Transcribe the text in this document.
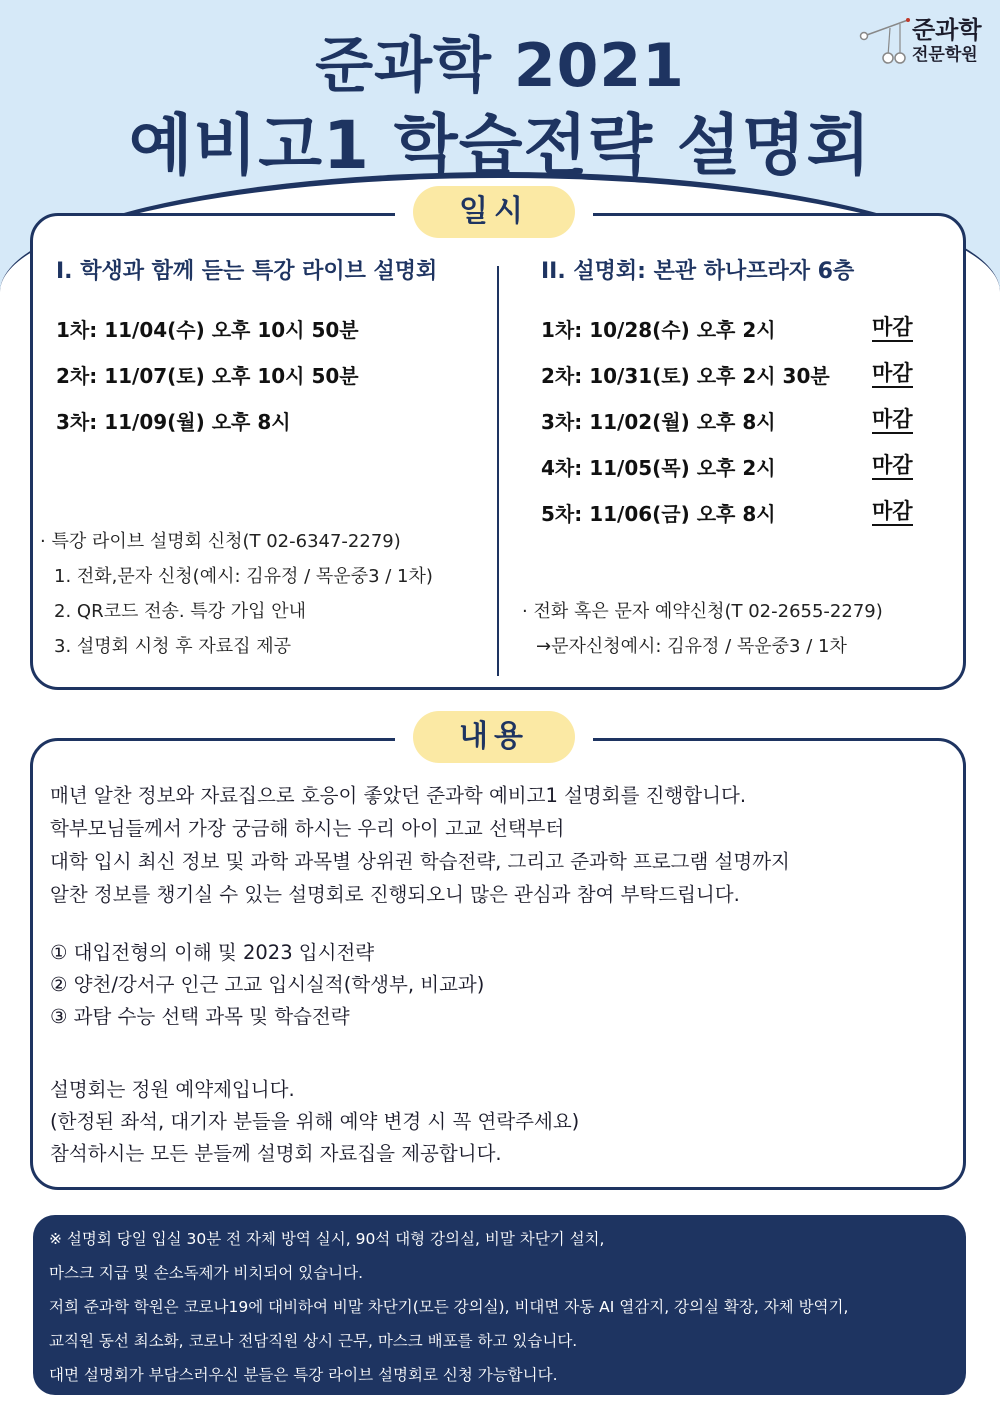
준과학 2021
예비고1 학습전략 설명회
준과학
전문학원
일시
I. 학생과 함께 듣는 특강 라이브 설명회
1차: 11/04(수) 오후 10시 50분
2차: 11/07(토) 오후 10시 50분
3차: 11/09(월) 오후 8시
· 특강 라이브 설명회 신청(T 02-6347-2279)
1. 전화,문자 신청(예시: 김유정 / 목운중3 / 1차)
2. QR코드 전송. 특강 가입 안내
3. 설명회 시청 후 자료집 제공
II. 설명회: 본관 하나프라자 6층
1차: 10/28(수) 오후 2시	마감
2차: 10/31(토) 오후 2시 30분 마감
3차: 11/02(월) 오후 8시	마감
4차: 11/05(목) 오후 2시	마감
5차: 11/06(금) 오후 8시	마감
· 전화 혹은 문자 예약신청(T 02-2655-2279)
→문자신청예시: 김유정 / 목운중3 / 1차
내용
매년 알찬 정보와 자료집으로 호응이 좋았던 준과학 예비고1 설명회를 진행합니다.
학부모님들께서 가장 궁금해 하시는 우리 아이 고교 선택부터
대학 입시 최신 정보 및 과학 과목별 상위권 학습전략, 그리고 준과학 프로그램 설명까지
알찬 정보를 챙기실 수 있는 설명회로 진행되오니 많은 관심과 참여 부탁드립니다.
① 대입전형의 이해 및 2023 입시전략
② 양천/강서구 인근 고교 입시실적(학생부, 비교과)
③ 과탐 수능 선택 과목 및 학습전략
설명회는 정원 예약제입니다.
(한정된 좌석, 대기자 분들을 위해 예약 변경 시 꼭 연락주세요)
참석하시는 모든 분들께 설명회 자료집을 제공합니다.
※ 설명회 당일 입실 30분 전 자체 방역 실시, 90석 대형 강의실, 비말 차단기 설치,
마스크 지급 및 손소독제가 비치되어 있습니다.
저희 준과학 학원은 코로나19에 대비하여 비말 차단기(모든 강의실), 비대면 자동 AI 열감지, 강의실 확장, 자체 방역기,
교직원 동선 최소화, 코로나 전담직원 상시 근무, 마스크 배포를 하고 있습니다.
대면 설명회가 부담스러우신 분들은 특강 라이브 설명회로 신청 가능합니다.
